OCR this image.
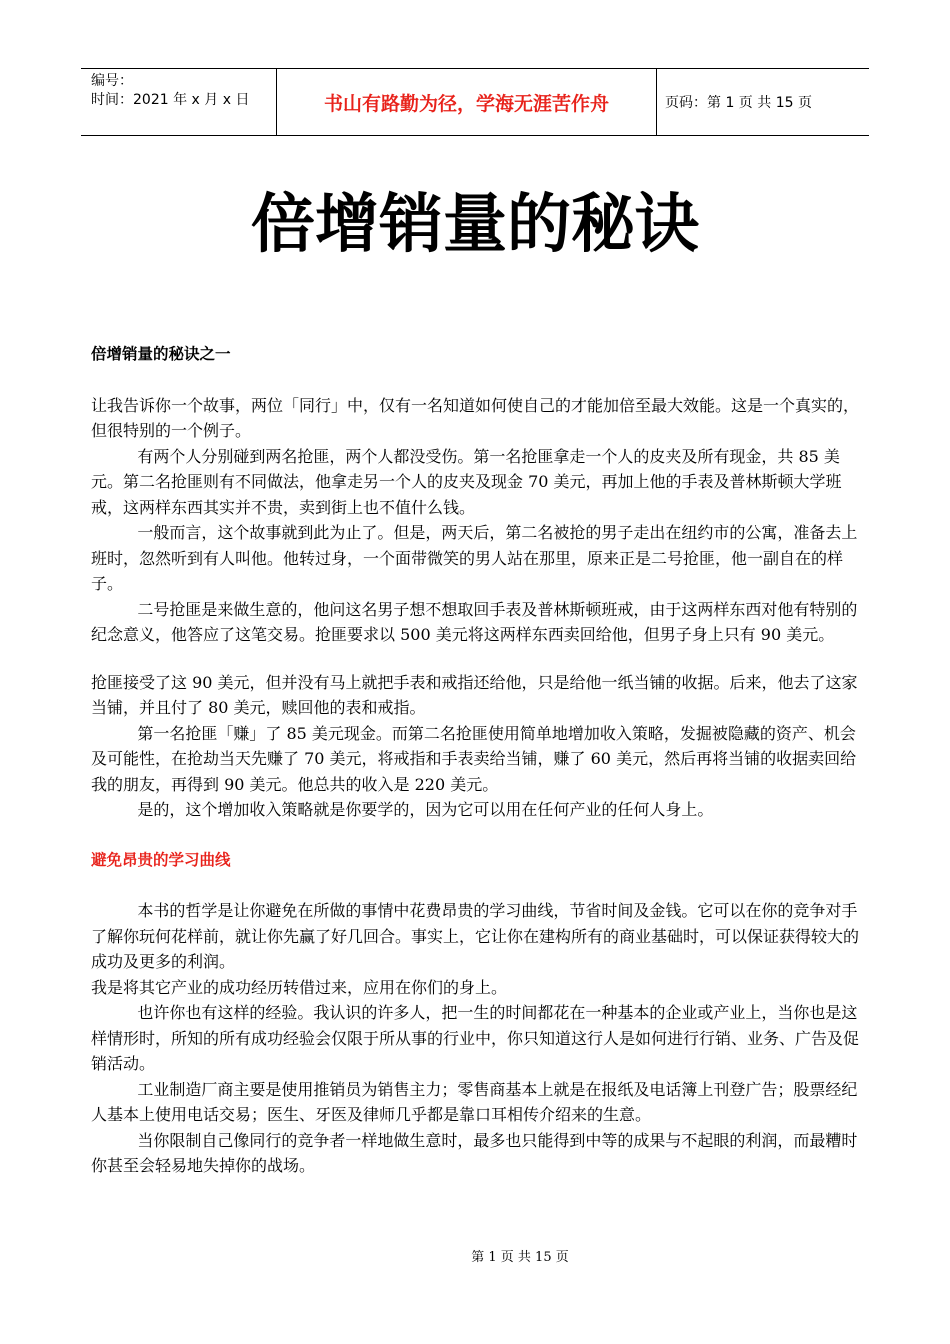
编号：
时间：2021 年 x 月 x 日	书山有路勤为径，学海无涯苦作舟	页码：第 1 页 共 15 页
倍增销量的秘诀

倍增销量的秘诀之一

让我告诉你一个故事，两位「同行」中，仅有一名知道如何使自己的才能加倍至最大效能。这是一个真实的，但很特别的一个例子。

有两个人分别碰到两名抢匪，两个人都没受伤。第一名抢匪拿走一个人的皮夹及所有现金，共 85 美元。第二名抢匪则有不同做法，他拿走另一个人的皮夹及现金 70 美元，再加上他的手表及普林斯顿大学班戒，这两样东西其实并不贵，卖到街上也不值什么钱。

一般而言，这个故事就到此为止了。但是，两天后，第二名被抢的男子走出在纽约市的公寓，准备去上班时，忽然听到有人叫他。他转过身，一个面带微笑的男人站在那里，原来正是二号抢匪，他一副自在的样子。

二号抢匪是来做生意的，他问这名男子想不想取回手表及普林斯顿班戒，由于这两样东西对他有特别的纪念意义，他答应了这笔交易。抢匪要求以 500 美元将这两样东西卖回给他，但男子身上只有 90 美元。

抢匪接受了这 90 美元，但并没有马上就把手表和戒指还给他，只是给他一纸当铺的收据。后来，他去了这家当铺，并且付了 80 美元，赎回他的表和戒指。

第一名抢匪「赚」了 85 美元现金。而第二名抢匪使用简单地增加收入策略，发掘被隐藏的资产、机会及可能性，在抢劫当天先赚了 70 美元，将戒指和手表卖给当铺，赚了 60 美元，然后再将当铺的收据卖回给我的朋友，再得到 90 美元。他总共的收入是 220 美元。

是的，这个增加收入策略就是你要学的，因为它可以用在任何产业的任何人身上。

避免昂贵的学习曲线

本书的哲学是让你避免在所做的事情中花费昂贵的学习曲线，节省时间及金钱。它可以在你的竞争对手了解你玩何花样前，就让你先赢了好几回合。事实上，它让你在建构所有的商业基础时，可以保证获得较大的成功及更多的利润。

我是将其它产业的成功经历转借过来，应用在你们的身上。

也许你也有这样的经验。我认识的许多人，把一生的时间都花在一种基本的企业或产业上，当你也是这样情形时，所知的所有成功经验会仅限于所从事的行业中，你只知道这行人是如何进行行销、业务、广告及促销活动。

工业制造厂商主要是使用推销员为销售主力；零售商基本上就是在报纸及电话簿上刊登广告；股票经纪人基本上使用电话交易；医生、牙医及律师几乎都是靠口耳相传介绍来的生意。

当你限制自己像同行的竞争者一样地做生意时，最多也只能得到中等的成果与不起眼的利润，而最糟时你甚至会轻易地失掉你的战场。

第 1 页 共 15 页
